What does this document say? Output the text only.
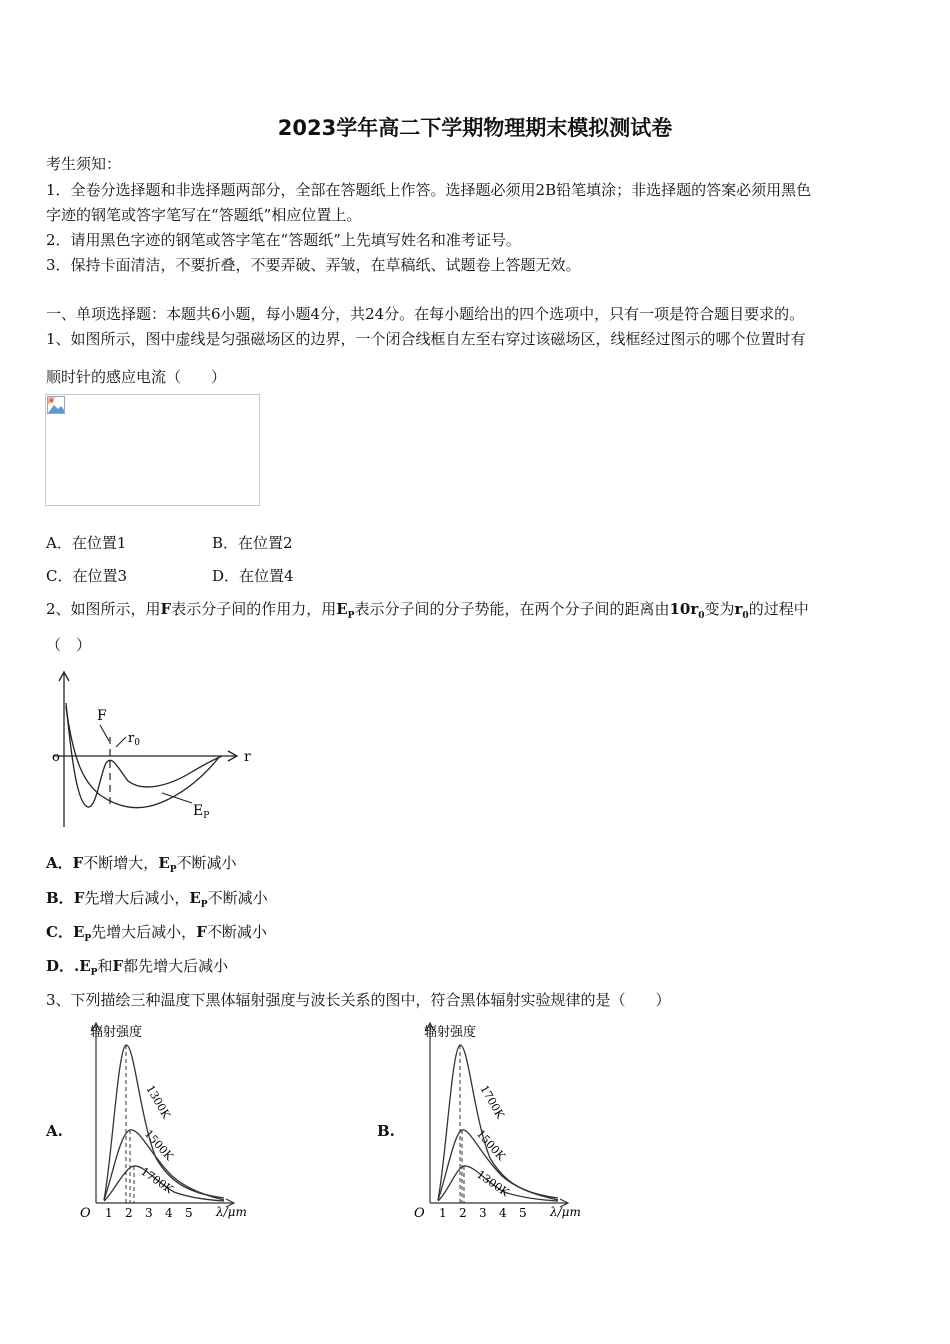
2023学年高二下学期物理期末模拟测试卷
考生须知：
1．全卷分选择题和非选择题两部分，全部在答题纸上作答。选择题必须用2B铅笔填涂；非选择题的答案必须用黑色
字迹的钢笔或答字笔写在“答题纸”相应位置上。
2．请用黑色字迹的钢笔或答字笔在“答题纸”上先填写姓名和准考证号。
3．保持卡面清洁，不要折叠，不要弄破、弄皱，在草稿纸、试题卷上答题无效。
一、单项选择题：本题共6小题，每小题4分，共24分。在每小题给出的四个选项中，只有一项是符合题目要求的。
1、如图所示，图中虚线是匀强磁场区的边界，一个闭合线框自左至右穿过该磁场区，线框经过图示的哪个位置时有
顺时针的感应电流（　　）
A．在位置1	B．在位置2
C．在位置3	D．在位置4
2、如图所示，用F表示分子间的作用力，用$E_P$表示分子间的分子势能，在两个分子间的距离由$10r_0$变为$r_0$的过程中
（　）
o	r
F
$r_0$
$E_P$
A．F不断增大，$E_P$不断减小
B．F先增大后减小，$E_P$不断减小
C．$E_P$先增大后减小，F不断减小
D．$.E_P$和F都先增大后减小
3、下列描绘三种温度下黑体辐射强度与波长关系的图中，符合黑体辐射实验规律的是（　　）
A.	B.
辐射强度
O	λ/μm
1 2 3 4 5
1300K
1500K
1700K
辐射强度
O	λ/μm
1 2 3 4 5
1700K
1500K
1300K
